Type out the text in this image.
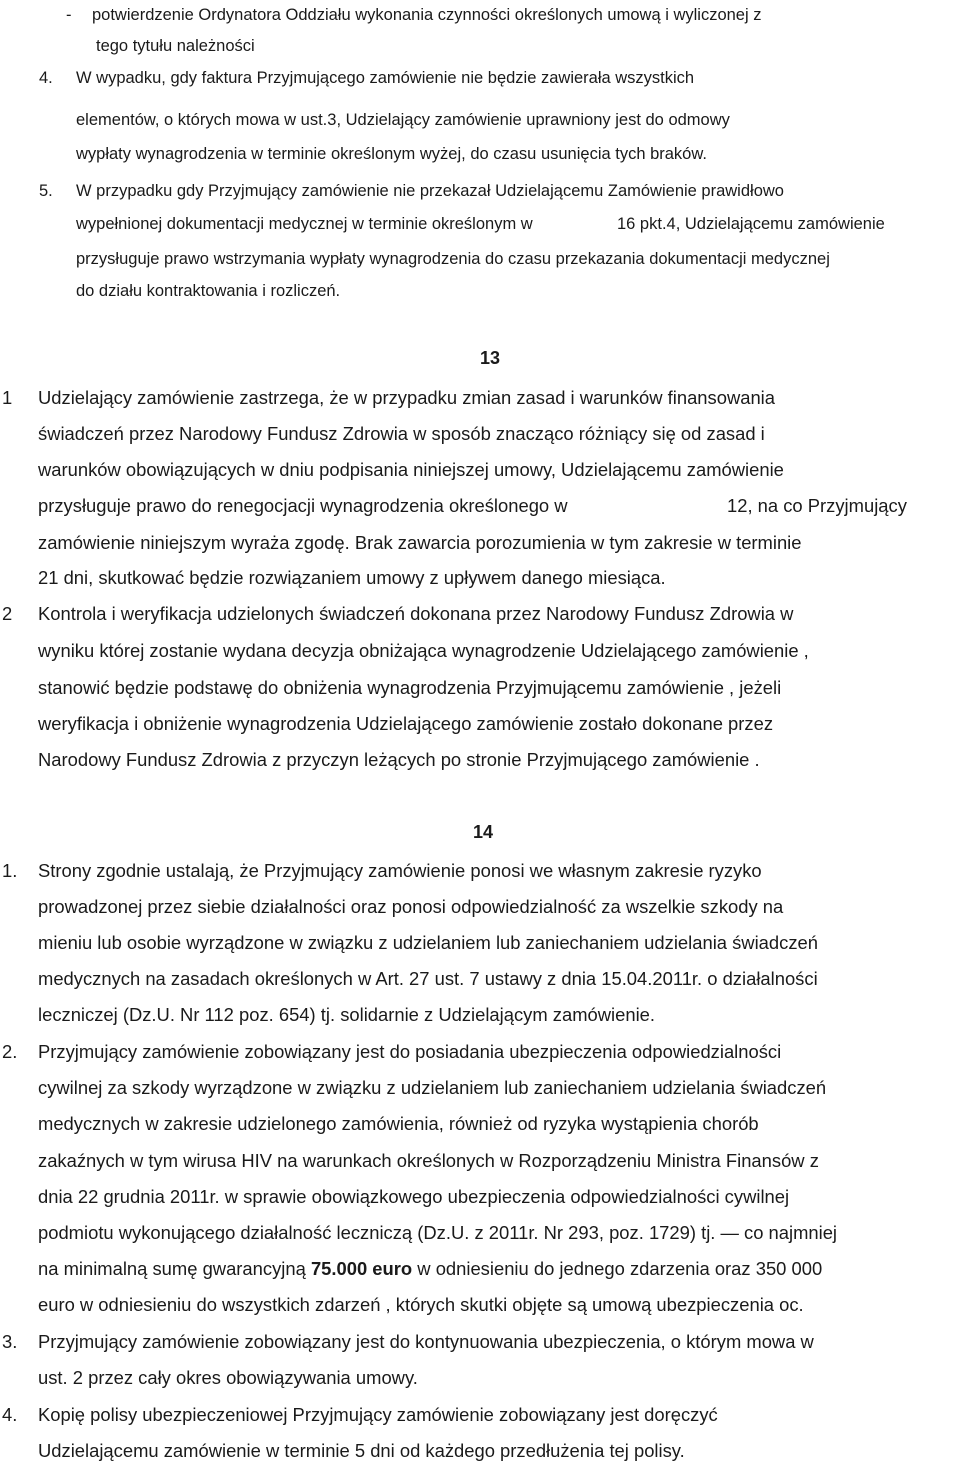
- potwierdzenie Ordynatora Oddziału wykonania czynności określonych umową i wyliczonej z
tego tytułu należności
4. W wypadku, gdy faktura Przyjmującego zamówienie nie będzie zawierała wszystkich
elementów, o których mowa w ust.3, Udzielający zamówienie uprawniony jest do odmowy
wypłaty wynagrodzenia w terminie określonym wyżej, do czasu usunięcia tych braków.
5. W przypadku gdy Przyjmujący zamówienie nie przekazał Udzielającemu Zamówienie prawidłowo
wypełnionej dokumentacji medycznej w terminie określonym w	16 pkt.4, Udzielającemu zamówienie
przysługuje prawo wstrzymania wypłaty wynagrodzenia do czasu przekazania dokumentacji medycznej
do działu kontraktowania i rozliczeń.
13
1 Udzielający zamówienie zastrzega, że w przypadku zmian zasad i warunków finansowania
świadczeń przez Narodowy Fundusz Zdrowia w sposób znacząco różniący się od zasad i
warunków obowiązujących w dniu podpisania niniejszej umowy, Udzielającemu zamówienie
przysługuje prawo do renegocjacji wynagrodzenia określonego w	12, na co Przyjmujący
zamówienie niniejszym wyraża zgodę. Brak zawarcia porozumienia w tym zakresie w terminie
21 dni, skutkować będzie rozwiązaniem umowy z upływem danego miesiąca.
2 Kontrola i weryfikacja udzielonych świadczeń dokonana przez Narodowy Fundusz Zdrowia w
wyniku której zostanie wydana decyzja obniżająca wynagrodzenie Udzielającego zamówienie ,
stanowić będzie podstawę do obniżenia wynagrodzenia Przyjmującemu zamówienie , jeżeli
weryfikacja i obniżenie wynagrodzenia Udzielającego zamówienie zostało dokonane przez
Narodowy Fundusz Zdrowia z przyczyn leżących po stronie Przyjmującego zamówienie .
14
1. Strony zgodnie ustalają, że Przyjmujący zamówienie ponosi we własnym zakresie ryzyko
prowadzonej przez siebie działalności oraz ponosi odpowiedzialność za wszelkie szkody na
mieniu lub osobie wyrządzone w związku z udzielaniem lub zaniechaniem udzielania świadczeń
medycznych na zasadach określonych w Art. 27 ust. 7 ustawy z dnia 15.04.2011r. o działalności
leczniczej (Dz.U. Nr 112 poz. 654) tj. solidarnie z Udzielającym zamówienie.
2. Przyjmujący zamówienie zobowiązany jest do posiadania ubezpieczenia odpowiedzialności
cywilnej za szkody wyrządzone w związku z udzielaniem lub zaniechaniem udzielania świadczeń
medycznych w zakresie udzielonego zamówienia, również od ryzyka wystąpienia chorób
zakaźnych w tym wirusa HIV na warunkach określonych w Rozporządzeniu Ministra Finansów z
dnia 22 grudnia 2011r. w sprawie obowiązkowego ubezpieczenia odpowiedzialności cywilnej
podmiotu wykonującego działalność leczniczą (Dz.U. z 2011r. Nr 293, poz. 1729) tj. — co najmniej
na minimalną sumę gwarancyjną 75.000 euro w odniesieniu do jednego zdarzenia oraz 350 000
euro w odniesieniu do wszystkich zdarzeń , których skutki objęte są umową ubezpieczenia oc.
3. Przyjmujący zamówienie zobowiązany jest do kontynuowania ubezpieczenia, o którym mowa w
ust. 2 przez cały okres obowiązywania umowy.
4. Kopię polisy ubezpieczeniowej Przyjmujący zamówienie zobowiązany jest doręczyć
Udzielającemu zamówienie w terminie 5 dni od każdego przedłużenia tej polisy.
